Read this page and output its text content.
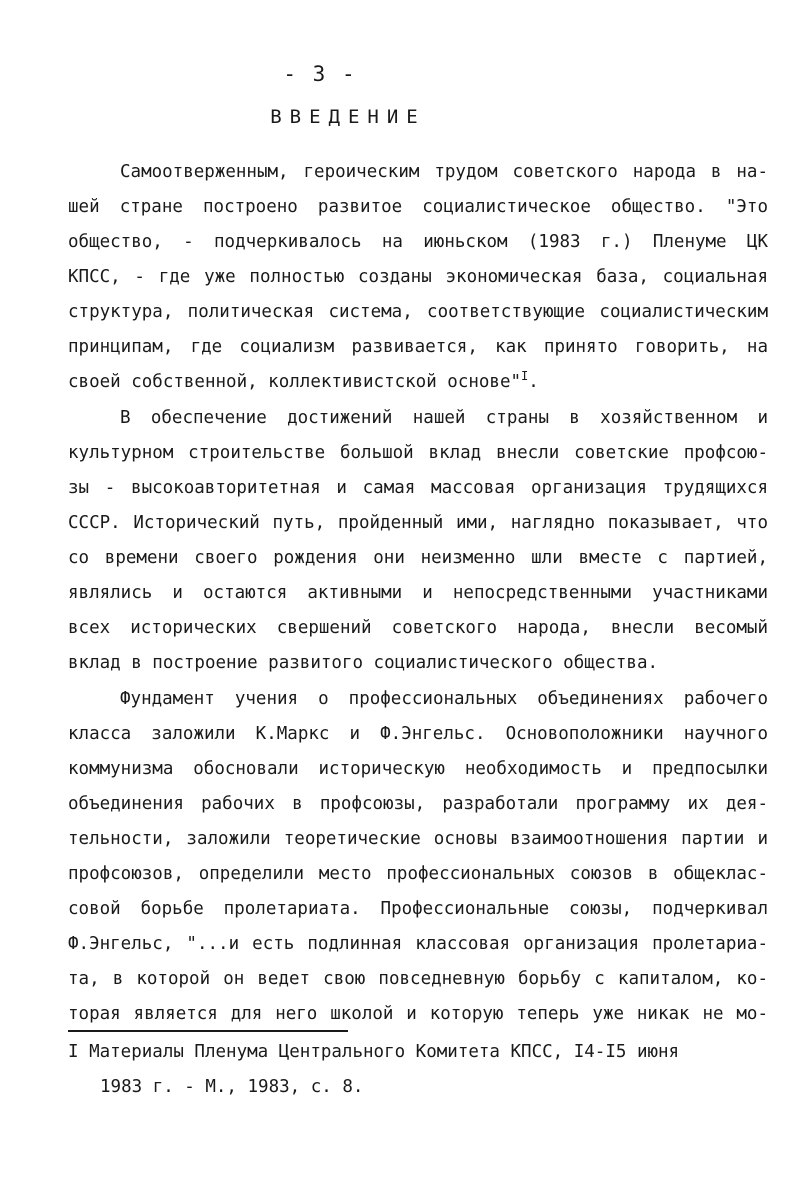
- 3 -
ВВЕДЕНИЕ
Самоотверженным, героическим трудом советского народа в на-
шей стране построено развитое социалистическое общество. "Это
общество, - подчеркивалось на июньском (1983 г.) Пленуме ЦК
КПСС, - где уже полностью созданы экономическая база, социальная
структура, политическая система, соответствующие социалистическим
принципам, где социализм развивается, как принято говорить, на
своей собственной, коллективистской основе"$^I$.
В обеспечение достижений нашей страны в хозяйственном и
культурном строительстве большой вклад внесли советские профсою-
зы - высокоавторитетная и самая массовая организация трудящихся
СССР. Исторический путь, пройденный ими, наглядно показывает, что
со времени своего рождения они неизменно шли вместе с партией,
являлись и остаются активными и непосредственными участниками
всех исторических свершений советского народа, внесли весомый
вклад в построение развитого социалистического общества.
Фундамент учения о профессиональных объединениях рабочего
класса заложили К.Маркс и Ф.Энгельс. Основоположники научного
коммунизма обосновали историческую необходимость и предпосылки
объединения рабочих в профсоюзы, разработали программу их дея-
тельности, заложили теоретические основы взаимоотношения партии и
профсоюзов, определили место профессиональных союзов в общеклас-
совой борьбе пролетариата. Профессиональные союзы, подчеркивал
Ф.Энгельс, "...и есть подлинная классовая организация пролетариа-
та, в которой он ведет свою повседневную борьбу с капиталом, ко-
торая является для него школой и которую теперь уже никак не мо-
I Материалы Пленума Центрального Комитета КПСС, I4-I5 июня
1983 г. - М., 1983, с. 8.
